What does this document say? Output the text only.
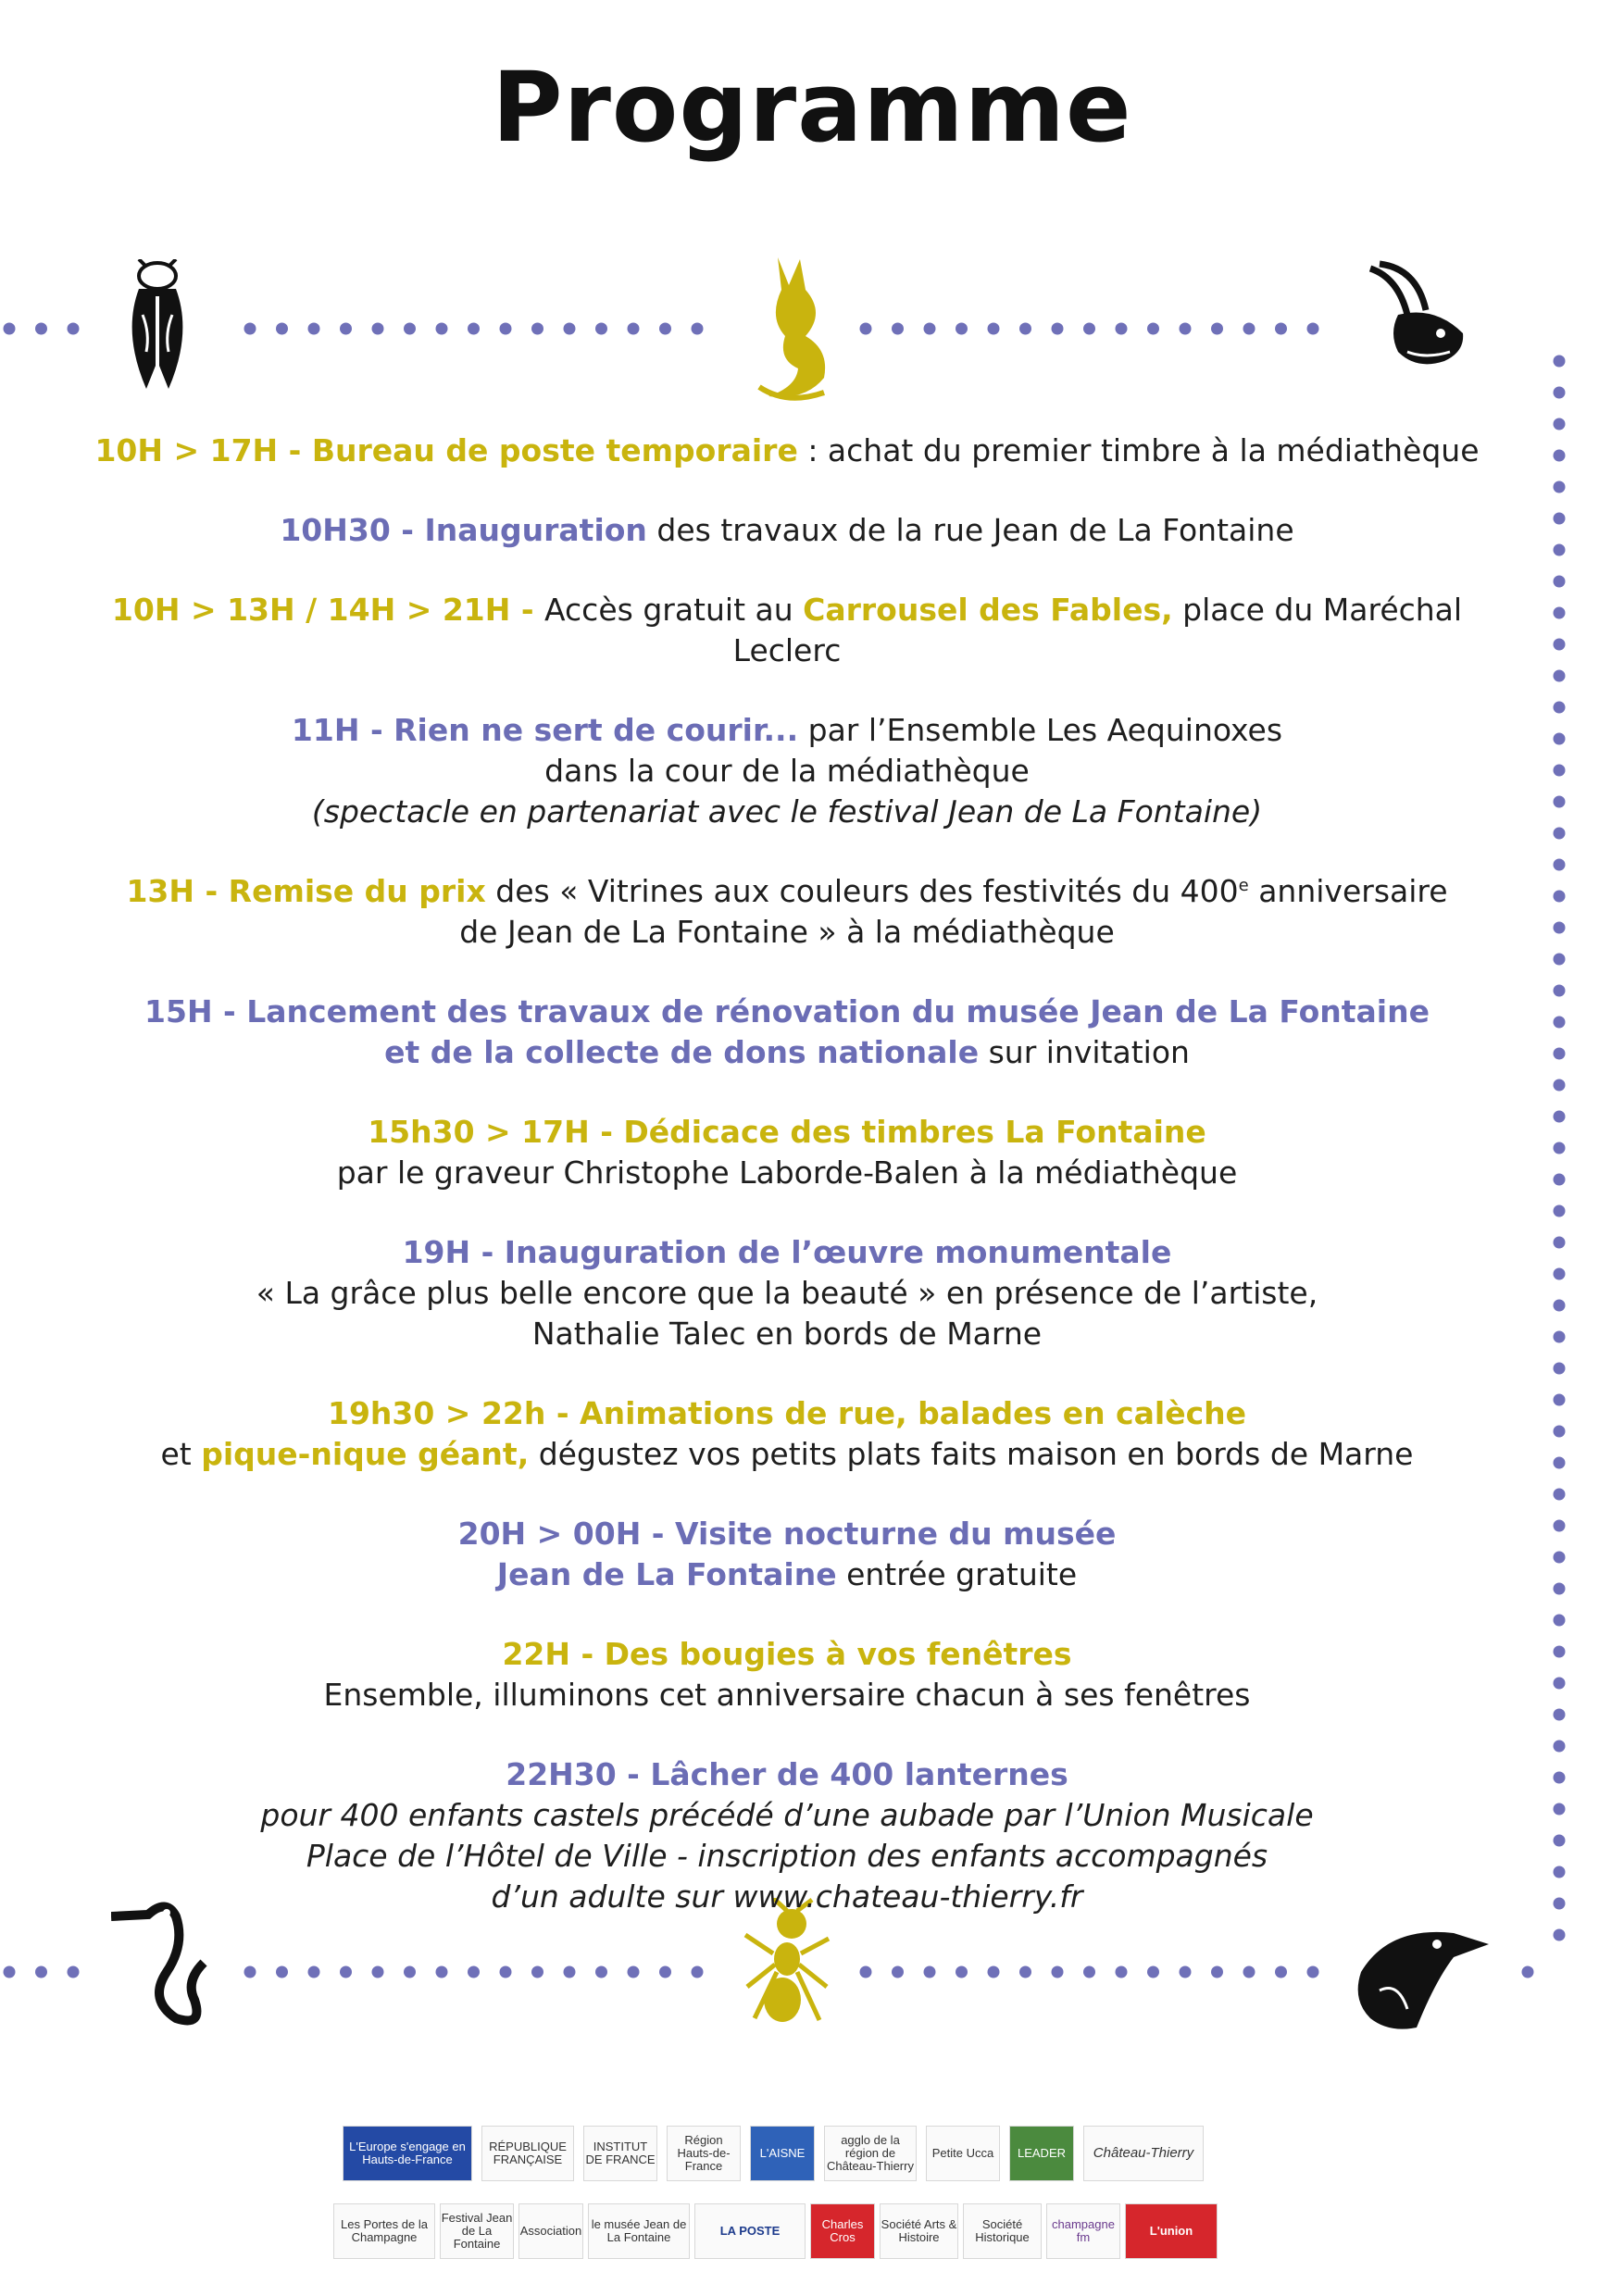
Programme

10H > 17H - Bureau de poste temporaire : achat du premier timbre à la médiathèque

10H30 - Inauguration des travaux de la rue Jean de La Fontaine

10H > 13H / 14H > 21H - Accès gratuit au Carrousel des Fables, place du Maréchal Leclerc

11H - Rien ne sert de courir... par l’Ensemble Les Aequinoxes

dans la cour de la médiathèque

(spectacle en partenariat avec le festival Jean de La Fontaine)

13H - Remise du prix des « Vitrines aux couleurs des festivités du 400e anniversaire

de Jean de La Fontaine » à la médiathèque

15H - Lancement des travaux de rénovation du musée Jean de La Fontaine

et de la collecte de dons nationale sur invitation

15h30 > 17H - Dédicace des timbres La Fontaine

par le graveur Christophe Laborde-Balen à la médiathèque

19H - Inauguration de l’œuvre monumentale

« La grâce plus belle encore que la beauté » en présence de l’artiste,

Nathalie Talec en bords de Marne

19h30 > 22h - Animations de rue, balades en calèche

et pique-nique géant, dégustez vos petits plats faits maison en bords de Marne

20H > 00H - Visite nocturne du musée

Jean de La Fontaine entrée gratuite

22H - Des bougies à vos fenêtres

Ensemble, illuminons cet anniversaire chacun à ses fenêtres

22H30 - Lâcher de 400 lanternes

pour 400 enfants castels précédé d’une aubade par l’Union Musicale

Place de l’Hôtel de Ville - inscription des enfants accompagnés

d’un adulte sur www.chateau-thierry.fr

L'Europe s'engage en Hauts-de-France
RÉPUBLIQUE FRANÇAISE
INSTITUT DE FRANCE
Région Hauts-de-France
L'AISNE
agglo de la région de Château-Thierry
Petite Ucca	LEADER	Château-Thierry
Les Portes de la Champagne
Festival Jean de La Fontaine
Association le musée Jean de La Fontaine	LA POSTE	Charles Cros
Société Arts & Histoire
Société Historique
champagne fm	L'union
